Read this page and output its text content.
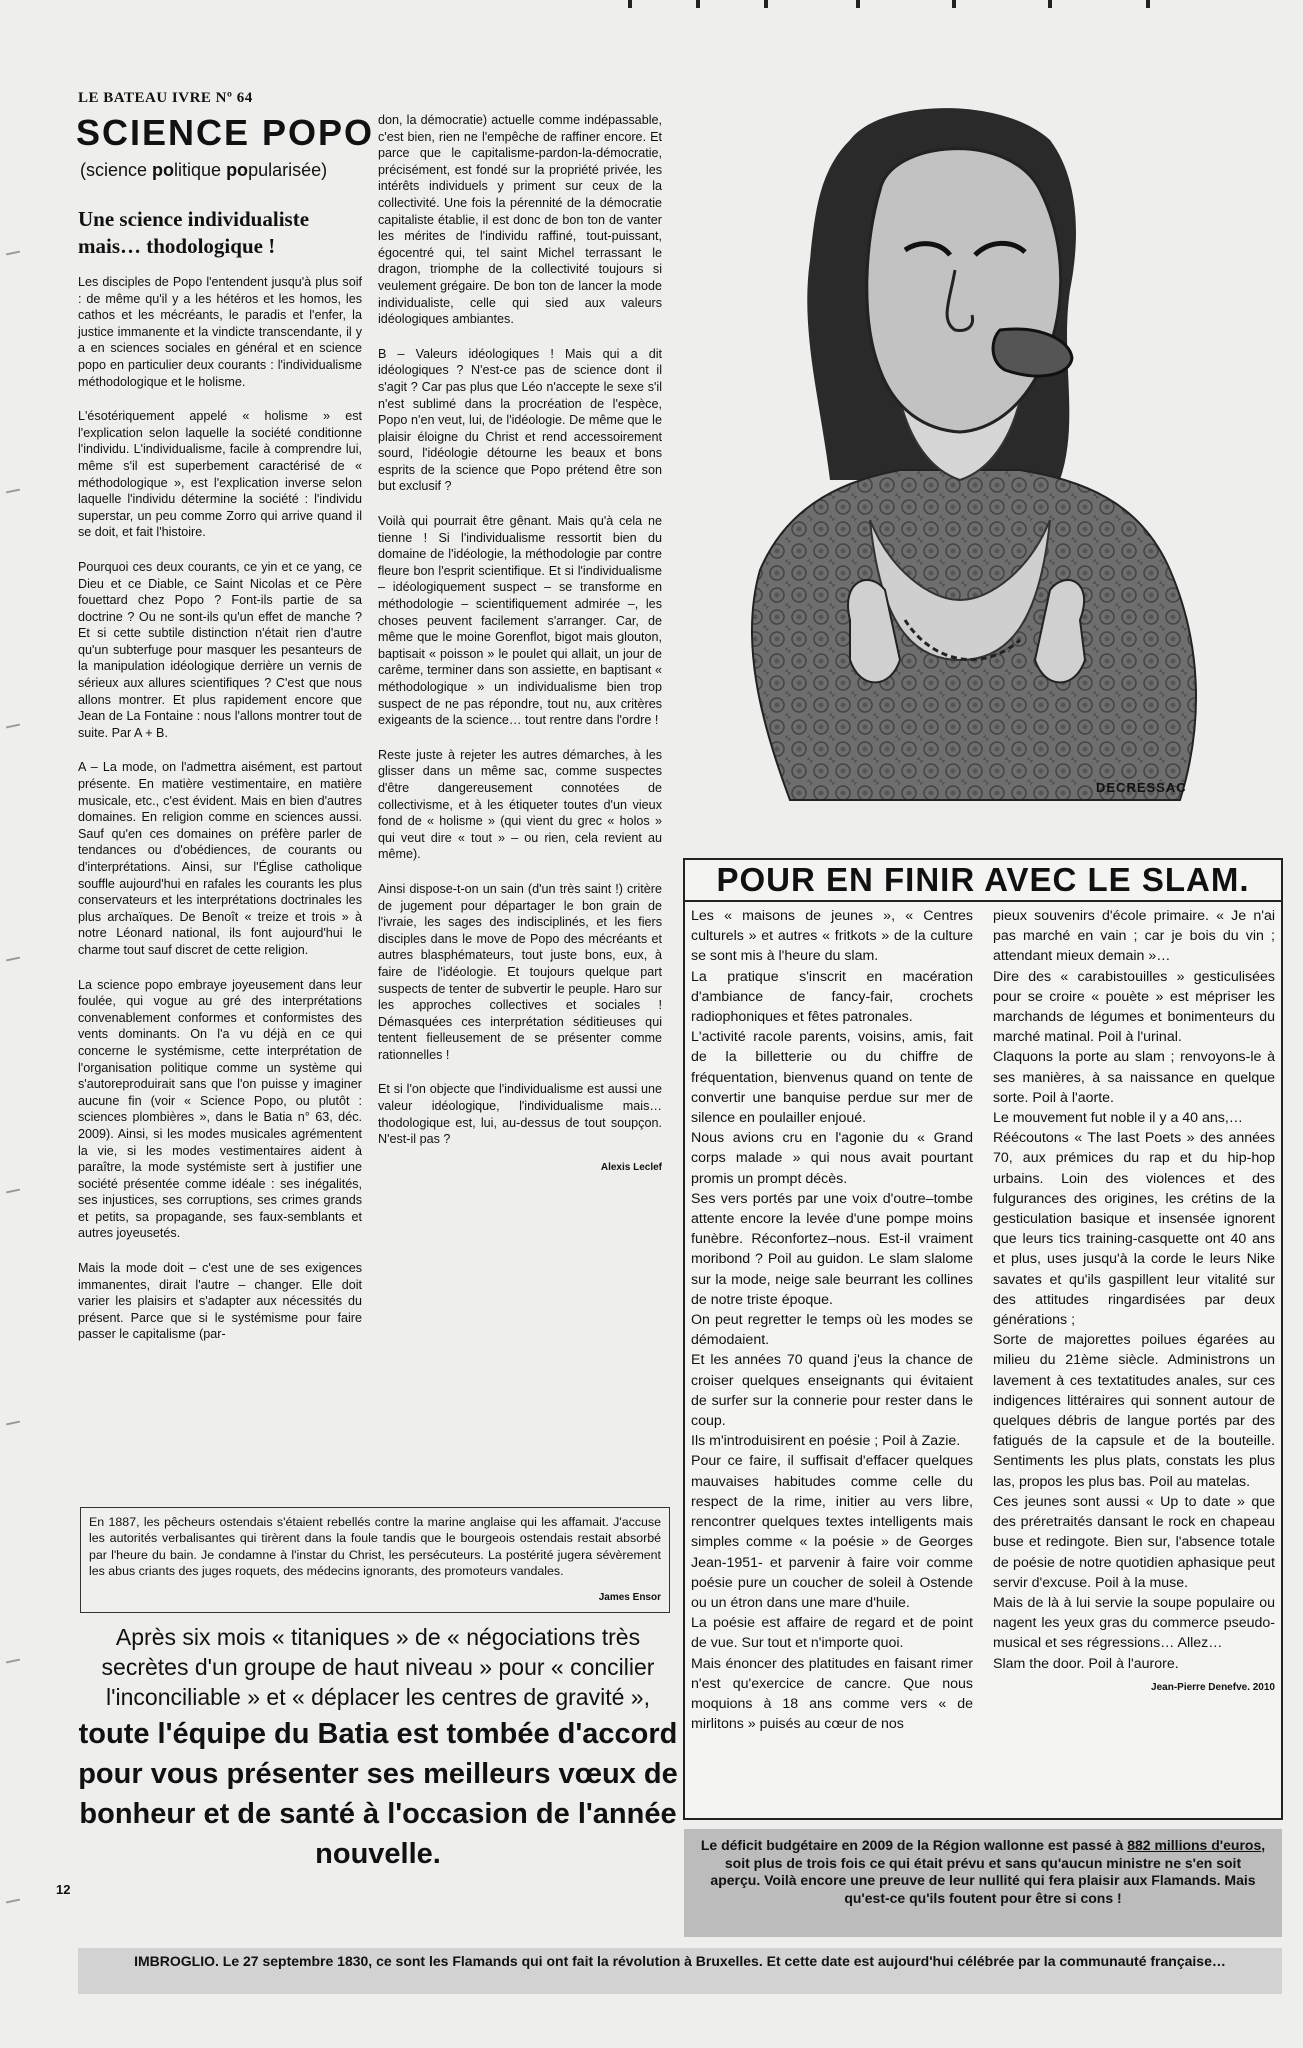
LE BATEAU IVRE Nº 64
SCIENCE POPO
(science politique popularisée)
Une science individualiste mais… thodologique !

Les disciples de Popo l'entendent jusqu'à plus soif : de même qu'il y a les hétéros et les homos, les cathos et les mécréants, le paradis et l'enfer, la justice immanente et la vindicte transcendante, il y a en sciences sociales en général et en science popo en particulier deux courants : l'individualisme méthodologique et le holisme.

L'ésotériquement appelé « holisme » est l'explication selon laquelle la société conditionne l'individu. L'individualisme, facile à comprendre lui, même s'il est superbement caractérisé de « méthodologique », est l'explication inverse selon laquelle l'individu détermine la société : l'individu superstar, un peu comme Zorro qui arrive quand il se doit, et fait l'histoire.

Pourquoi ces deux courants, ce yin et ce yang, ce Dieu et ce Diable, ce Saint Nicolas et ce Père fouettard chez Popo ? Font-ils partie de sa doctrine ? Ou ne sont-ils qu'un effet de manche ? Et si cette subtile distinction n'était rien d'autre qu'un subterfuge pour masquer les pesanteurs de la manipulation idéologique derrière un vernis de sérieux aux allures scientifiques ? C'est que nous allons montrer. Et plus rapidement encore que Jean de La Fontaine : nous l'allons montrer tout de suite. Par A + B.

A – La mode, on l'admettra aisément, est partout présente. En matière vestimentaire, en matière musicale, etc., c'est évident. Mais en bien d'autres domaines. En religion comme en sciences aussi. Sauf qu'en ces domaines on préfère parler de tendances ou d'obédiences, de courants ou d'interprétations. Ainsi, sur l'Église catholique souffle aujourd'hui en rafales les courants les plus conservateurs et les interprétations doctrinales les plus archaïques. De Benoît « treize et trois » à notre Léonard national, ils font aujourd'hui le charme tout sauf discret de cette religion.

La science popo embraye joyeusement dans leur foulée, qui vogue au gré des interprétations convenablement conformes et conformistes des vents dominants. On l'a vu déjà en ce qui concerne le systémisme, cette interprétation de l'organisation politique comme un système qui s'autoreproduirait sans que l'on puisse y imaginer aucune fin (voir « Science Popo, ou plutôt : sciences plombières », dans le Batia n° 63, déc. 2009). Ainsi, si les modes musicales agrémentent la vie, si les modes vestimentaires aident à paraître, la mode systémiste sert à justifier une société présentée comme idéale : ses inégalités, ses injustices, ses corruptions, ses crimes grands et petits, sa propagande, ses faux-semblants et autres joyeusetés.

Mais la mode doit – c'est une de ses exigences immanentes, dirait l'autre – changer. Elle doit varier les plaisirs et s'adapter aux nécessités du présent. Parce que si le systémisme pour faire passer le capitalisme (par-

don, la démocratie) actuelle comme indépassable, c'est bien, rien ne l'empêche de raffiner encore. Et parce que le capitalisme-pardon-la-démocratie, précisément, est fondé sur la propriété privée, les intérêts individuels y priment sur ceux de la collectivité. Une fois la pérennité de la démocratie capitaliste établie, il est donc de bon ton de vanter les mérites de l'individu raffiné, tout-puissant, égocentré qui, tel saint Michel terrassant le dragon, triomphe de la collectivité toujours si veulement grégaire. De bon ton de lancer la mode individualiste, celle qui sied aux valeurs idéologiques ambiantes.

B – Valeurs idéologiques ! Mais qui a dit idéologiques ? N'est-ce pas de science dont il s'agit ? Car pas plus que Léo n'accepte le sexe s'il n'est sublimé dans la procréation de l'espèce, Popo n'en veut, lui, de l'idéologie. De même que le plaisir éloigne du Christ et rend accessoirement sourd, l'idéologie détourne les beaux et bons esprits de la science que Popo prétend être son but exclusif ?

Voilà qui pourrait être gênant. Mais qu'à cela ne tienne ! Si l'individualisme ressortit bien du domaine de l'idéologie, la méthodologie par contre fleure bon l'esprit scientifique. Et si l'individualisme – idéologiquement suspect – se transforme en méthodologie – scientifiquement admirée –, les choses peuvent facilement s'arranger. Car, de même que le moine Gorenflot, bigot mais glouton, baptisait « poisson » le poulet qui allait, un jour de carême, terminer dans son assiette, en baptisant « méthodologique » un individualisme bien trop suspect de ne pas répondre, tout nu, aux critères exigeants de la science… tout rentre dans l'ordre !

Reste juste à rejeter les autres démarches, à les glisser dans un même sac, comme suspectes d'être dangereusement connotées de collectivisme, et à les étiqueter toutes d'un vieux fond de « holisme » (qui vient du grec « holos » qui veut dire « tout » – ou rien, cela revient au même).

Ainsi dispose-t-on un sain (d'un très saint !) critère de jugement pour départager le bon grain de l'ivraie, les sages des indisciplinés, et les fiers disciples dans le move de Popo des mécréants et autres blasphémateurs, tout juste bons, eux, à faire de l'idéologie. Et toujours quelque part suspects de tenter de subvertir le peuple. Haro sur les approches collectives et sociales ! Démasquées ces interprétation séditieuses qui tentent fielleusement de se présenter comme rationnelles !

Et si l'on objecte que l'individualisme est aussi une valeur idéologique, l'individualisme mais… thodologique est, lui, au-dessus de tout soupçon. N'est-il pas ?

Alexis Leclef
DECRESSAC
POUR EN FINIR AVEC LE SLAM.

Les « maisons de jeunes », « Centres culturels » et autres « fritkots » de la culture se sont mis à l'heure du slam.

La pratique s'inscrit en macération d'ambiance de fancy-fair, crochets radiophoniques et fêtes patronales.

L'activité racole parents, voisins, amis, fait de la billetterie ou du chiffre de fréquentation, bienvenus quand on tente de convertir une banquise perdue sur mer de silence en poulailler enjoué.

Nous avions cru en l'agonie du « Grand corps malade » qui nous avait pourtant promis un prompt décès.

Ses vers portés par une voix d'outre–tombe attente encore la levée d'une pompe moins funèbre. Réconfortez–nous. Est-il vraiment moribond ? Poil au guidon. Le slam slalome sur la mode, neige sale beurrant les collines de notre triste époque.

On peut regretter le temps où les modes se démodaient.

Et les années 70 quand j'eus la chance de croiser quelques enseignants qui évitaient de surfer sur la connerie pour rester dans le coup.

Ils m'introduisirent en poésie ; Poil à Zazie.

Pour ce faire, il suffisait d'effacer quelques mauvaises habitudes comme celle du respect de la rime, initier au vers libre, rencontrer quelques textes intelligents mais simples comme « la poésie » de Georges Jean-1951- et parvenir à faire voir comme poésie pure un coucher de soleil à Ostende ou un étron dans une mare d'huile.

La poésie est affaire de regard et de point de vue. Sur tout et n'importe quoi.

Mais énoncer des platitudes en faisant rimer n'est qu'exercice de cancre. Que nous moquions à 18 ans comme vers « de mirlitons » puisés au cœur de nos

pieux souvenirs d'école primaire. « Je n'ai pas marché en vain ; car je bois du vin ; attendant mieux demain »…

Dire des « carabistouilles » gesticulisées pour se croire « pouète » est mépriser les marchands de légumes et bonimenteurs du marché matinal. Poil à l'urinal.

Claquons la porte au slam ; renvoyons-le à ses manières, à sa naissance en quelque sorte. Poil à l'aorte.

Le mouvement fut noble il y a 40 ans,…

Réécoutons « The last Poets » des années 70, aux prémices du rap et du hip-hop urbains. Loin des violences et des fulgurances des origines, les crétins de la gesticulation basique et insensée ignorent que leurs tics training-casquette ont 40 ans et plus, uses jusqu'à la corde le leurs Nike savates et qu'ils gaspillent leur vitalité sur des attitudes ringardisées par deux générations ;

Sorte de majorettes poilues égarées au milieu du 21ème siècle. Administrons un lavement à ces textatitudes anales, sur ces indigences littéraires qui sonnent autour de quelques débris de langue portés par des fatigués de la capsule et de la bouteille. Sentiments les plus plats, constats les plus las, propos les plus bas. Poil au matelas.

Ces jeunes sont aussi « Up to date » que des préretraités dansant le rock en chapeau buse et redingote. Bien sur, l'absence totale de poésie de notre quotidien aphasique peut servir d'excuse. Poil à la muse.

Mais de là à lui servie la soupe populaire ou nagent les yeux gras du commerce pseudo-musical et ses régressions… Allez…

Slam the door. Poil à l'aurore.

Jean-Pierre Denefve. 2010
En 1887, les pêcheurs ostendais s'étaient rebellés contre la marine anglaise qui les affamait. J'accuse les autorités verbalisantes qui tirèrent dans la foule tandis que le bourgeois ostendais restait absorbé par l'heure du bain. Je condamne à l'instar du Christ, les persécuteurs. La postérité jugera sévèrement les abus criants des juges roquets, des médecins ignorants, des promoteurs vandales.
James Ensor
Après six mois « titaniques » de « négociations très secrètes d'un groupe de haut niveau » pour « concilier l'inconciliable » et « déplacer les centres de gravité »,
toute l'équipe du Batia est tombée d'accord pour vous présenter ses meilleurs vœux de bonheur et de santé à l'occasion de l'année nouvelle.
12
Le déficit budgétaire en 2009 de la Région wallonne est passé à 882 millions d'euros, soit plus de trois fois ce qui était prévu et sans qu'aucun ministre ne s'en soit aperçu. Voilà encore une preuve de leur nullité qui fera plaisir aux Flamands. Mais qu'est-ce qu'ils foutent pour être si cons !
IMBROGLIO. Le 27 septembre 1830, ce sont les Flamands qui ont fait la révolution à Bruxelles. Et cette date est aujourd'hui célébrée par la communauté française…
